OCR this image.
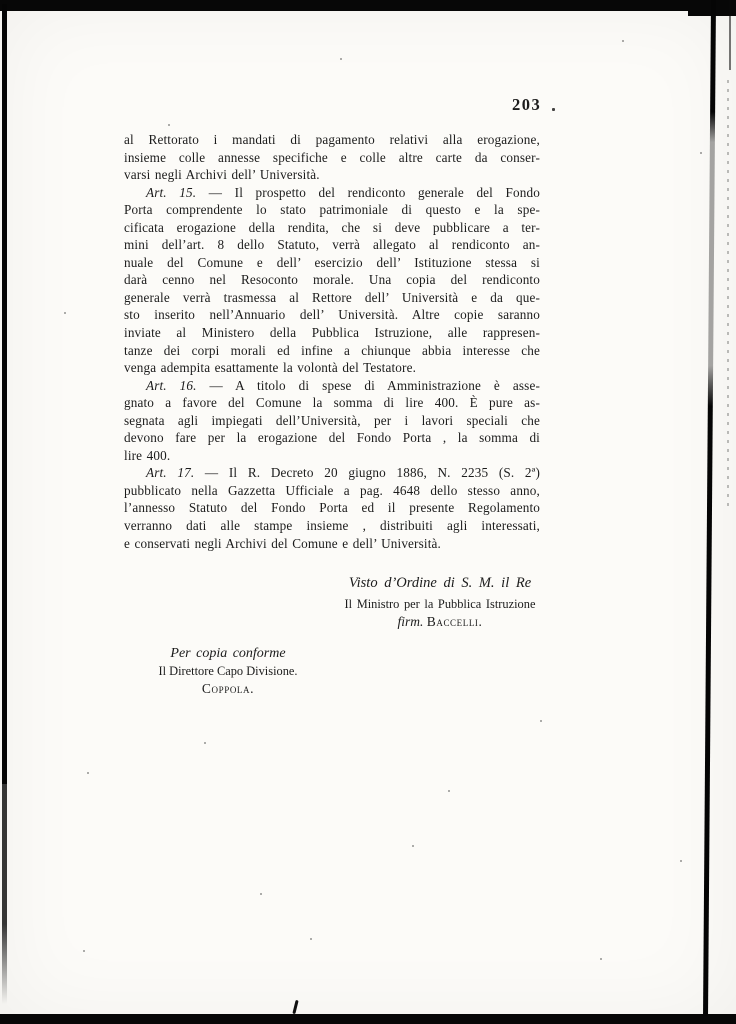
203
al Rettorato i mandati di pagamento relativi alla erogazione,
insieme colle annesse specifiche e colle altre carte da conser-
varsi negli Archivi dell’ Università.
Art. 15. — Il prospetto del rendiconto generale del Fondo
Porta comprendente lo stato patrimoniale di questo e la spe-
cificata erogazione della rendita, che si deve pubblicare a ter-
mini dell’art. 8 dello Statuto, verrà allegato al rendiconto an-
nuale del Comune e dell’ esercizio dell’ Istituzione stessa si
darà cenno nel Resoconto morale. Una copia del rendiconto
generale verrà trasmessa al Rettore dell’ Università e da que-
sto inserito nell’Annuario dell’ Università. Altre copie saranno
inviate al Ministero della Pubblica Istruzione, alle rappresen-
tanze dei corpi morali ed infine a chiunque abbia interesse che
venga adempita esattamente la volontà del Testatore.
Art. 16. — A titolo di spese di Amministrazione è asse-
gnato a favore del Comune la somma di lire 400. È pure as-
segnata agli impiegati dell’Università, per i lavori speciali che
devono fare per la erogazione del Fondo Porta , la somma di
lire 400.
Art. 17. — Il R. Decreto 20 giugno 1886, N. 2235 (S. 2ª)
pubblicato nella Gazzetta Ufficiale a pag. 4648 dello stesso anno,
l’annesso Statuto del Fondo Porta ed il presente Regolamento
verranno dati alle stampe insieme , distribuiti agli interessati,
e conservati negli Archivi del Comune e dell’ Università.
Visto d’Ordine di S. M. il Re
Il Ministro per la Pubblica Istruzione
firm. Baccelli.
Per copia conforme
Il Direttore Capo Divisione.
Coppola.
